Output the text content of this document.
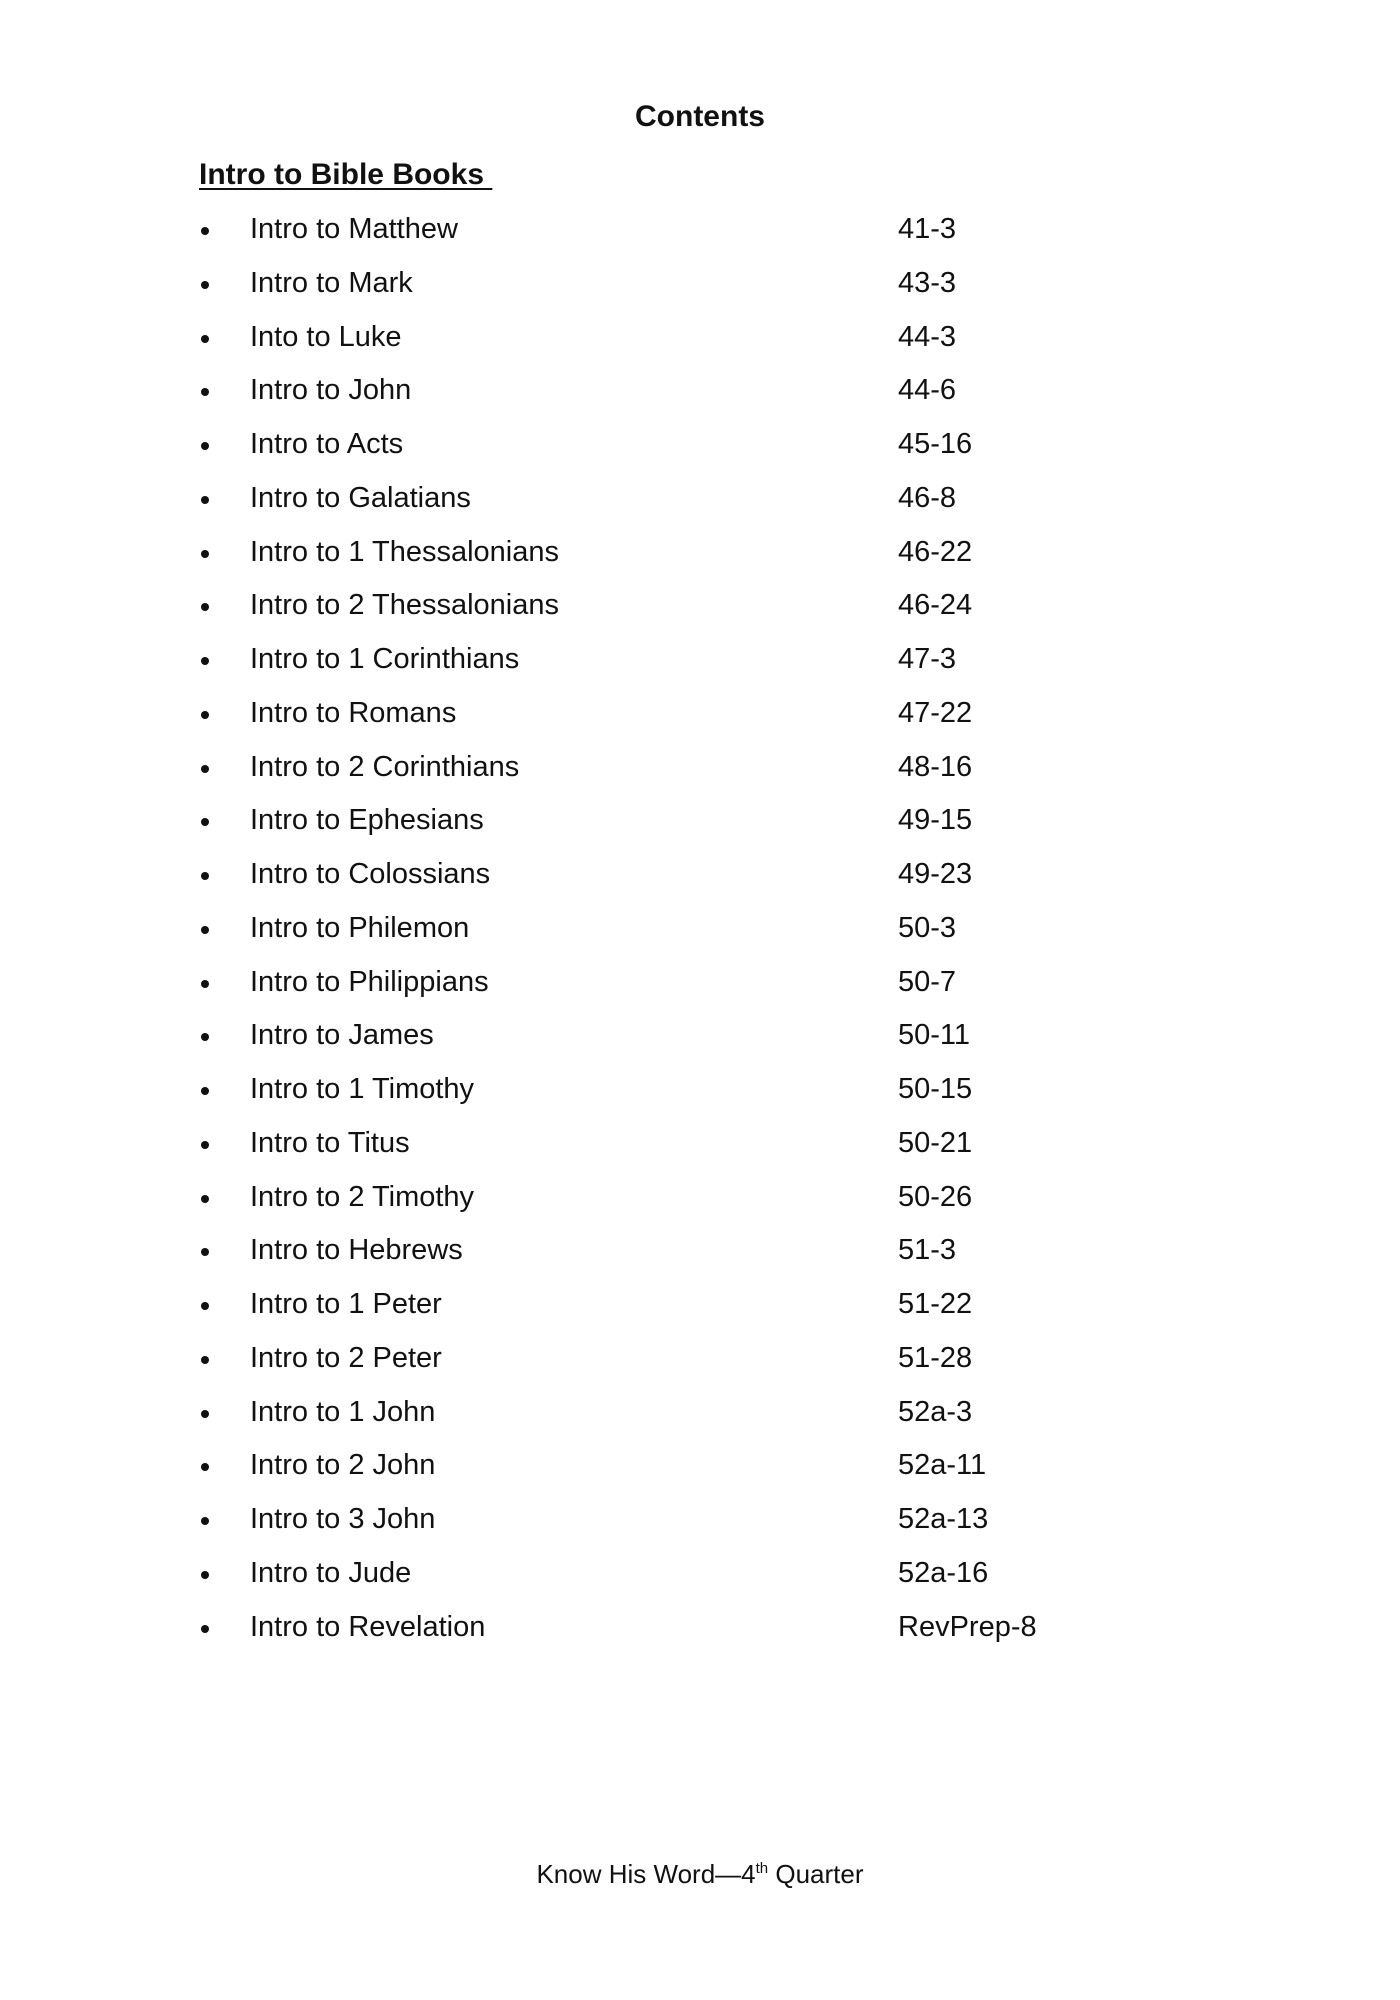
Contents
Intro to Bible Books
Intro to Matthew	41-3
Intro to Mark	43-3
Into to Luke	44-3
Intro to John	44-6
Intro to Acts	45-16
Intro to Galatians	46-8
Intro to 1 Thessalonians	46-22
Intro to 2 Thessalonians	46-24
Intro to 1 Corinthians	47-3
Intro to Romans	47-22
Intro to 2 Corinthians	48-16
Intro to Ephesians	49-15
Intro to Colossians	49-23
Intro to Philemon	50-3
Intro to Philippians	50-7
Intro to James	50-11
Intro to 1 Timothy	50-15
Intro to Titus	50-21
Intro to 2 Timothy	50-26
Intro to Hebrews	51-3
Intro to 1 Peter	51-22
Intro to 2 Peter	51-28
Intro to 1 John	52a-3
Intro to 2 John	52a-11
Intro to 3 John	52a-13
Intro to Jude	52a-16
Intro to Revelation	RevPrep-8
Know His Word—4th Quarter
